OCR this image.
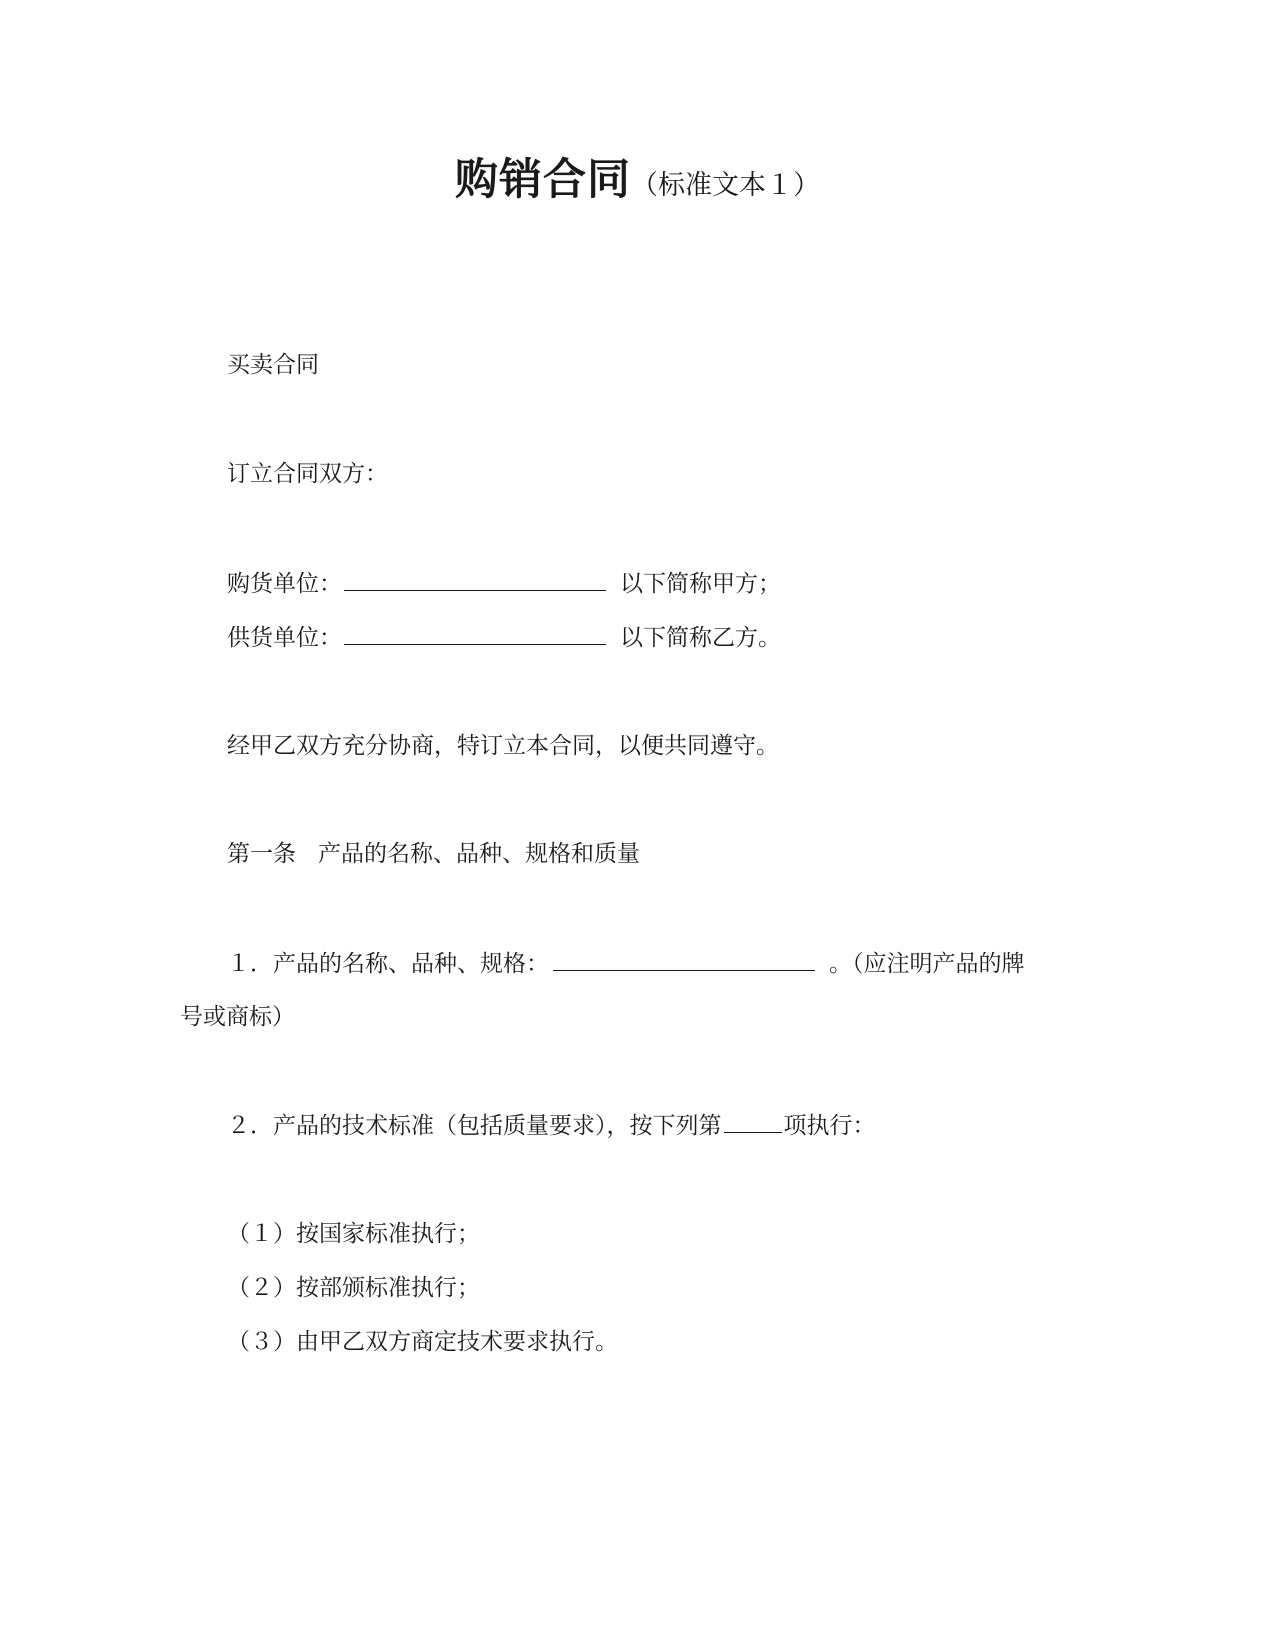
购销合同（标准文本１）
买卖合同
订立合同双方：
购货单位：	以下简称甲方；
供货单位：	以下简称乙方。
经甲乙双方充分协商，特订立本合同，以便共同遵守。
第一条 产品的名称、品种、规格和质量
１．产品的名称、品种、规格：	。（应注明产品的牌
号或商标）
２．产品的技术标准（包括质量要求），按下列第	项执行：
（１）按国家标准执行；
（２）按部颁标准执行；
（３）由甲乙双方商定技术要求执行。
